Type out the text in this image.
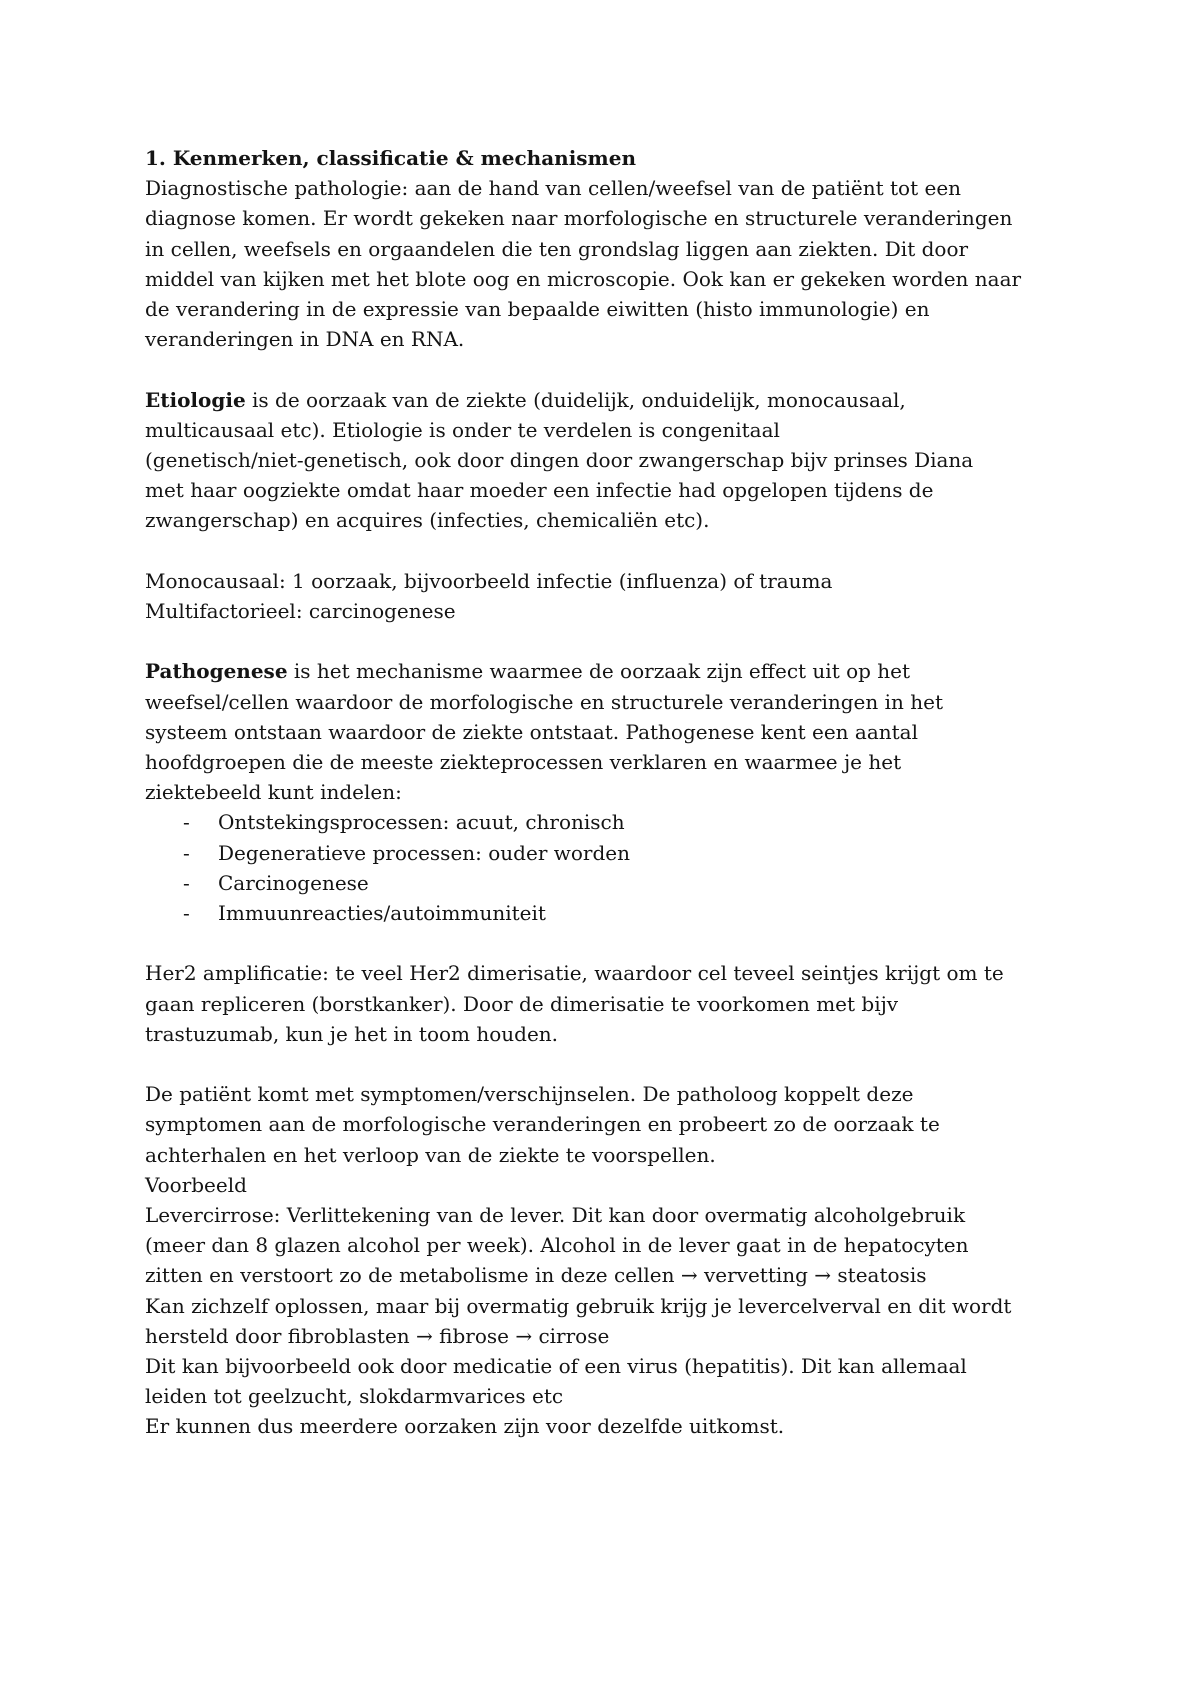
1. Kenmerken, classificatie & mechanismen

Diagnostische pathologie: aan de hand van cellen/weefsel van de patiënt tot een

diagnose komen. Er wordt gekeken naar morfologische en structurele veranderingen

in cellen, weefsels en orgaandelen die ten grondslag liggen aan ziekten. Dit door

middel van kijken met het blote oog en microscopie. Ook kan er gekeken worden naar

de verandering in de expressie van bepaalde eiwitten (histo immunologie) en

veranderingen in DNA en RNA.

Etiologie is de oorzaak van de ziekte (duidelijk, onduidelijk, monocausaal,

multicausaal etc). Etiologie is onder te verdelen is congenitaal

(genetisch/niet-genetisch, ook door dingen door zwangerschap bijv prinses Diana

met haar oogziekte omdat haar moeder een infectie had opgelopen tijdens de

zwangerschap) en acquires (infecties, chemicaliën etc).

Monocausaal: 1 oorzaak, bijvoorbeeld infectie (influenza) of trauma

Multifactorieel: carcinogenese

Pathogenese is het mechanisme waarmee de oorzaak zijn effect uit op het

weefsel/cellen waardoor de morfologische en structurele veranderingen in het

systeem ontstaan waardoor de ziekte ontstaat. Pathogenese kent een aantal

hoofdgroepen die de meeste ziekteprocessen verklaren en waarmee je het

ziektebeeld kunt indelen:

- Ontstekingsprocessen: acuut, chronisch
- Degeneratieve processen: ouder worden
- Carcinogenese
- Immuunreacties/autoimmuniteit

Her2 amplificatie: te veel Her2 dimerisatie, waardoor cel teveel seintjes krijgt om te

gaan repliceren (borstkanker). Door de dimerisatie te voorkomen met bijv

trastuzumab, kun je het in toom houden.

De patiënt komt met symptomen/verschijnselen. De patholoog koppelt deze

symptomen aan de morfologische veranderingen en probeert zo de oorzaak te

achterhalen en het verloop van de ziekte te voorspellen.

Voorbeeld

Levercirrose: Verlittekening van de lever. Dit kan door overmatig alcoholgebruik

(meer dan 8 glazen alcohol per week). Alcohol in de lever gaat in de hepatocyten

zitten en verstoort zo de metabolisme in deze cellen → vervetting → steatosis

Kan zichzelf oplossen, maar bij overmatig gebruik krijg je levercelverval en dit wordt

hersteld door fibroblasten → fibrose → cirrose

Dit kan bijvoorbeeld ook door medicatie of een virus (hepatitis). Dit kan allemaal

leiden tot geelzucht, slokdarmvarices etc

Er kunnen dus meerdere oorzaken zijn voor dezelfde uitkomst.
